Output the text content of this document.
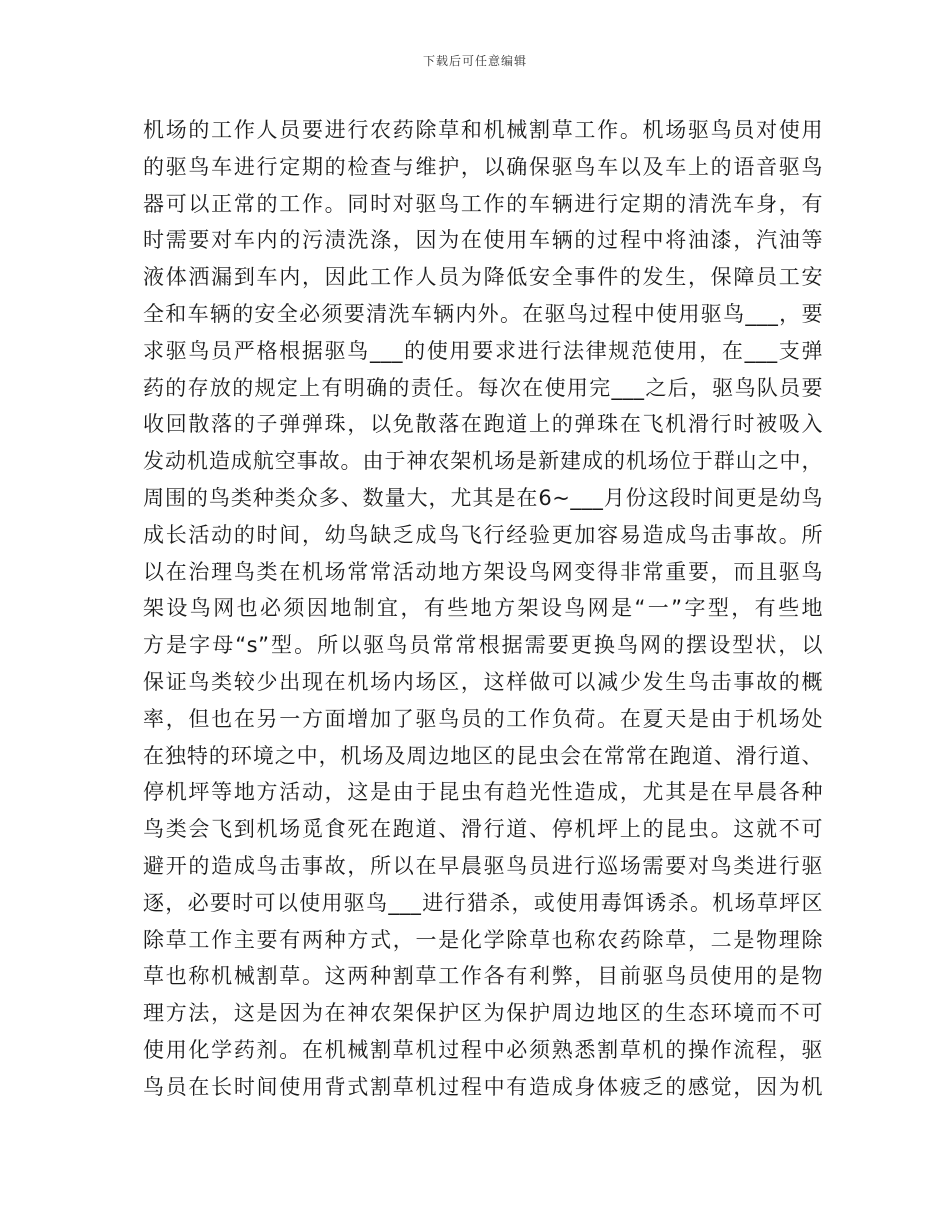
下载后可任意编辑
机场的工作人员要进行农药除草和机械割草工作。机场驱鸟员对使用
的驱鸟车进行定期的检查与维护，以确保驱鸟车以及车上的语音驱鸟
器可以正常的工作。同时对驱鸟工作的车辆进行定期的清洗车身，有
时需要对车内的污渍洗涤，因为在使用车辆的过程中将油漆，汽油等
液体洒漏到车内，因此工作人员为降低安全事件的发生，保障员工安
全和车辆的安全必须要清洗车辆内外。在驱鸟过程中使用驱鸟___，要
求驱鸟员严格根据驱鸟___的使用要求进行法律规范使用，在___支弹
药的存放的规定上有明确的责任。每次在使用完___之后，驱鸟队员要
收回散落的子弹弹珠，以免散落在跑道上的弹珠在飞机滑行时被吸入
发动机造成航空事故。由于神农架机场是新建成的机场位于群山之中，
周围的鸟类种类众多、数量大，尤其是在6~___月份这段时间更是幼鸟
成长活动的时间，幼鸟缺乏成鸟飞行经验更加容易造成鸟击事故。所
以在治理鸟类在机场常常活动地方架设鸟网变得非常重要，而且驱鸟
架设鸟网也必须因地制宜，有些地方架设鸟网是“一”字型，有些地
方是字母“s”型。所以驱鸟员常常根据需要更换鸟网的摆设型状，以
保证鸟类较少出现在机场内场区，这样做可以减少发生鸟击事故的概
率，但也在另一方面增加了驱鸟员的工作负荷。在夏天是由于机场处
在独特的环境之中，机场及周边地区的昆虫会在常常在跑道、滑行道、
停机坪等地方活动，这是由于昆虫有趋光性造成，尤其是在早晨各种
鸟类会飞到机场觅食死在跑道、滑行道、停机坪上的昆虫。这就不可
避开的造成鸟击事故，所以在早晨驱鸟员进行巡场需要对鸟类进行驱
逐，必要时可以使用驱鸟___进行猎杀，或使用毒饵诱杀。机场草坪区
除草工作主要有两种方式，一是化学除草也称农药除草，二是物理除
草也称机械割草。这两种割草工作各有利弊，目前驱鸟员使用的是物
理方法，这是因为在神农架保护区为保护周边地区的生态环境而不可
使用化学药剂。在机械割草机过程中必须熟悉割草机的操作流程，驱
鸟员在长时间使用背式割草机过程中有造成身体疲乏的感觉，因为机
